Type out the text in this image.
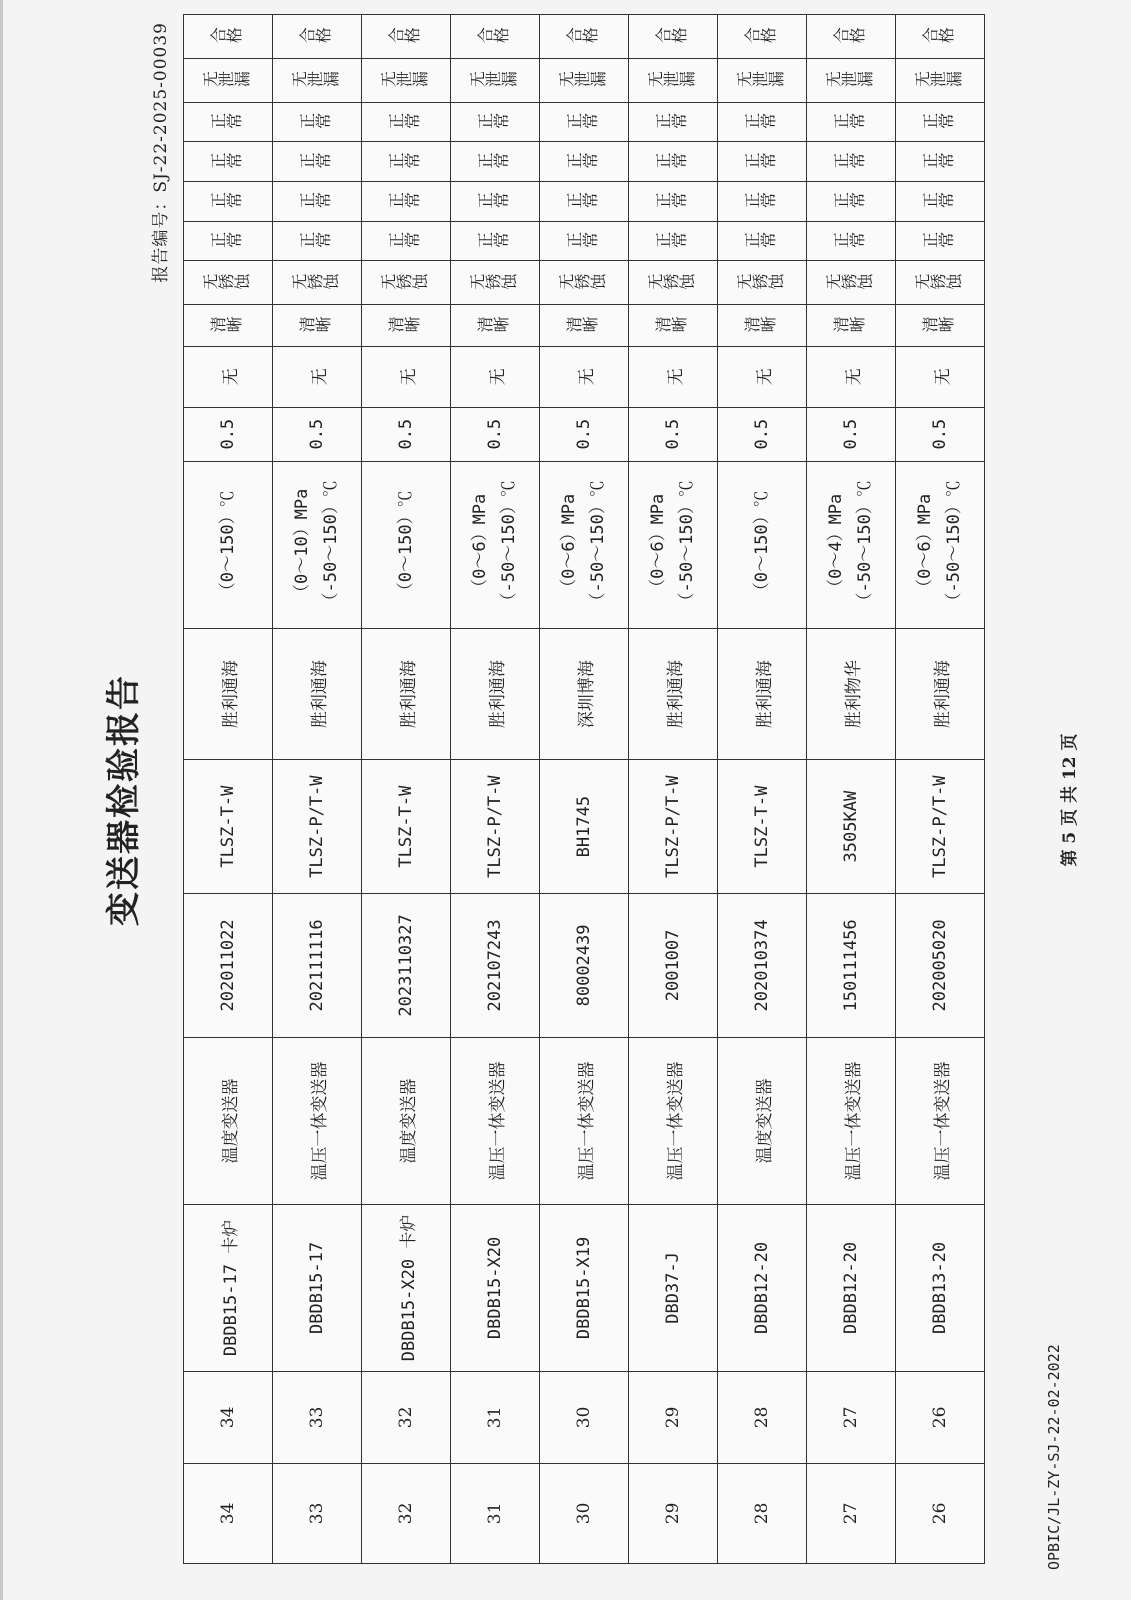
变送器检验报告
报告编号：SJ-22-2025-00039
34	34	DBDB15-17 卡炉	温度变送器	202011022	TLSZ-T-W	胜利通海	（0～150）℃	0.5	无	清晰	无锈蚀	正常	正常	正常	正常	无泄漏	合格
33	33	DBDB15-17	温压一体变送器	202111116	TLSZ-P/T-W	胜利通海	（0～10）MPa （-50～150）℃	0.5	无	清晰	无锈蚀	正常	正常	正常	正常	无泄漏	合格
32	32	DBDB15-X20 卡炉	温度变送器	2023110327	TLSZ-T-W	胜利通海	（0～150）℃	0.5	无	清晰	无锈蚀	正常	正常	正常	正常	无泄漏	合格
31	31	DBDB15-X20	温压一体变送器	202107243	TLSZ-P/T-W	胜利通海	（0～6）MPa （-50～150）℃	0.5	无	清晰	无锈蚀	正常	正常	正常	正常	无泄漏	合格
30	30	DBDB15-X19	温压一体变送器	80002439	BH1745	深圳博海	（0～6）MPa （-50～150）℃	0.5	无	清晰	无锈蚀	正常	正常	正常	正常	无泄漏	合格
29	29	DBD37-J	温压一体变送器	2001007	TLSZ-P/T-W	胜利通海	（0～6）MPa （-50～150）℃	0.5	无	清晰	无锈蚀	正常	正常	正常	正常	无泄漏	合格
28	28	DBDB12-20	温度变送器	202010374	TLSZ-T-W	胜利通海	（0～150）℃	0.5	无	清晰	无锈蚀	正常	正常	正常	正常	无泄漏	合格
27	27	DBDB12-20	温压一体变送器	150111456	3505KAW	胜利物华	（0～4）MPa （-50～150）℃	0.5	无	清晰	无锈蚀	正常	正常	正常	正常	无泄漏	合格
26	26	DBDB13-20	温压一体变送器	202005020	TLSZ-P/T-W	胜利通海	（0～6）MPa （-50～150）℃	0.5	无	清晰	无锈蚀	正常	正常	正常	正常	无泄漏	合格
OPBIC/JL-ZY-SJ-22-02-2022
第 5 页 共 12 页
